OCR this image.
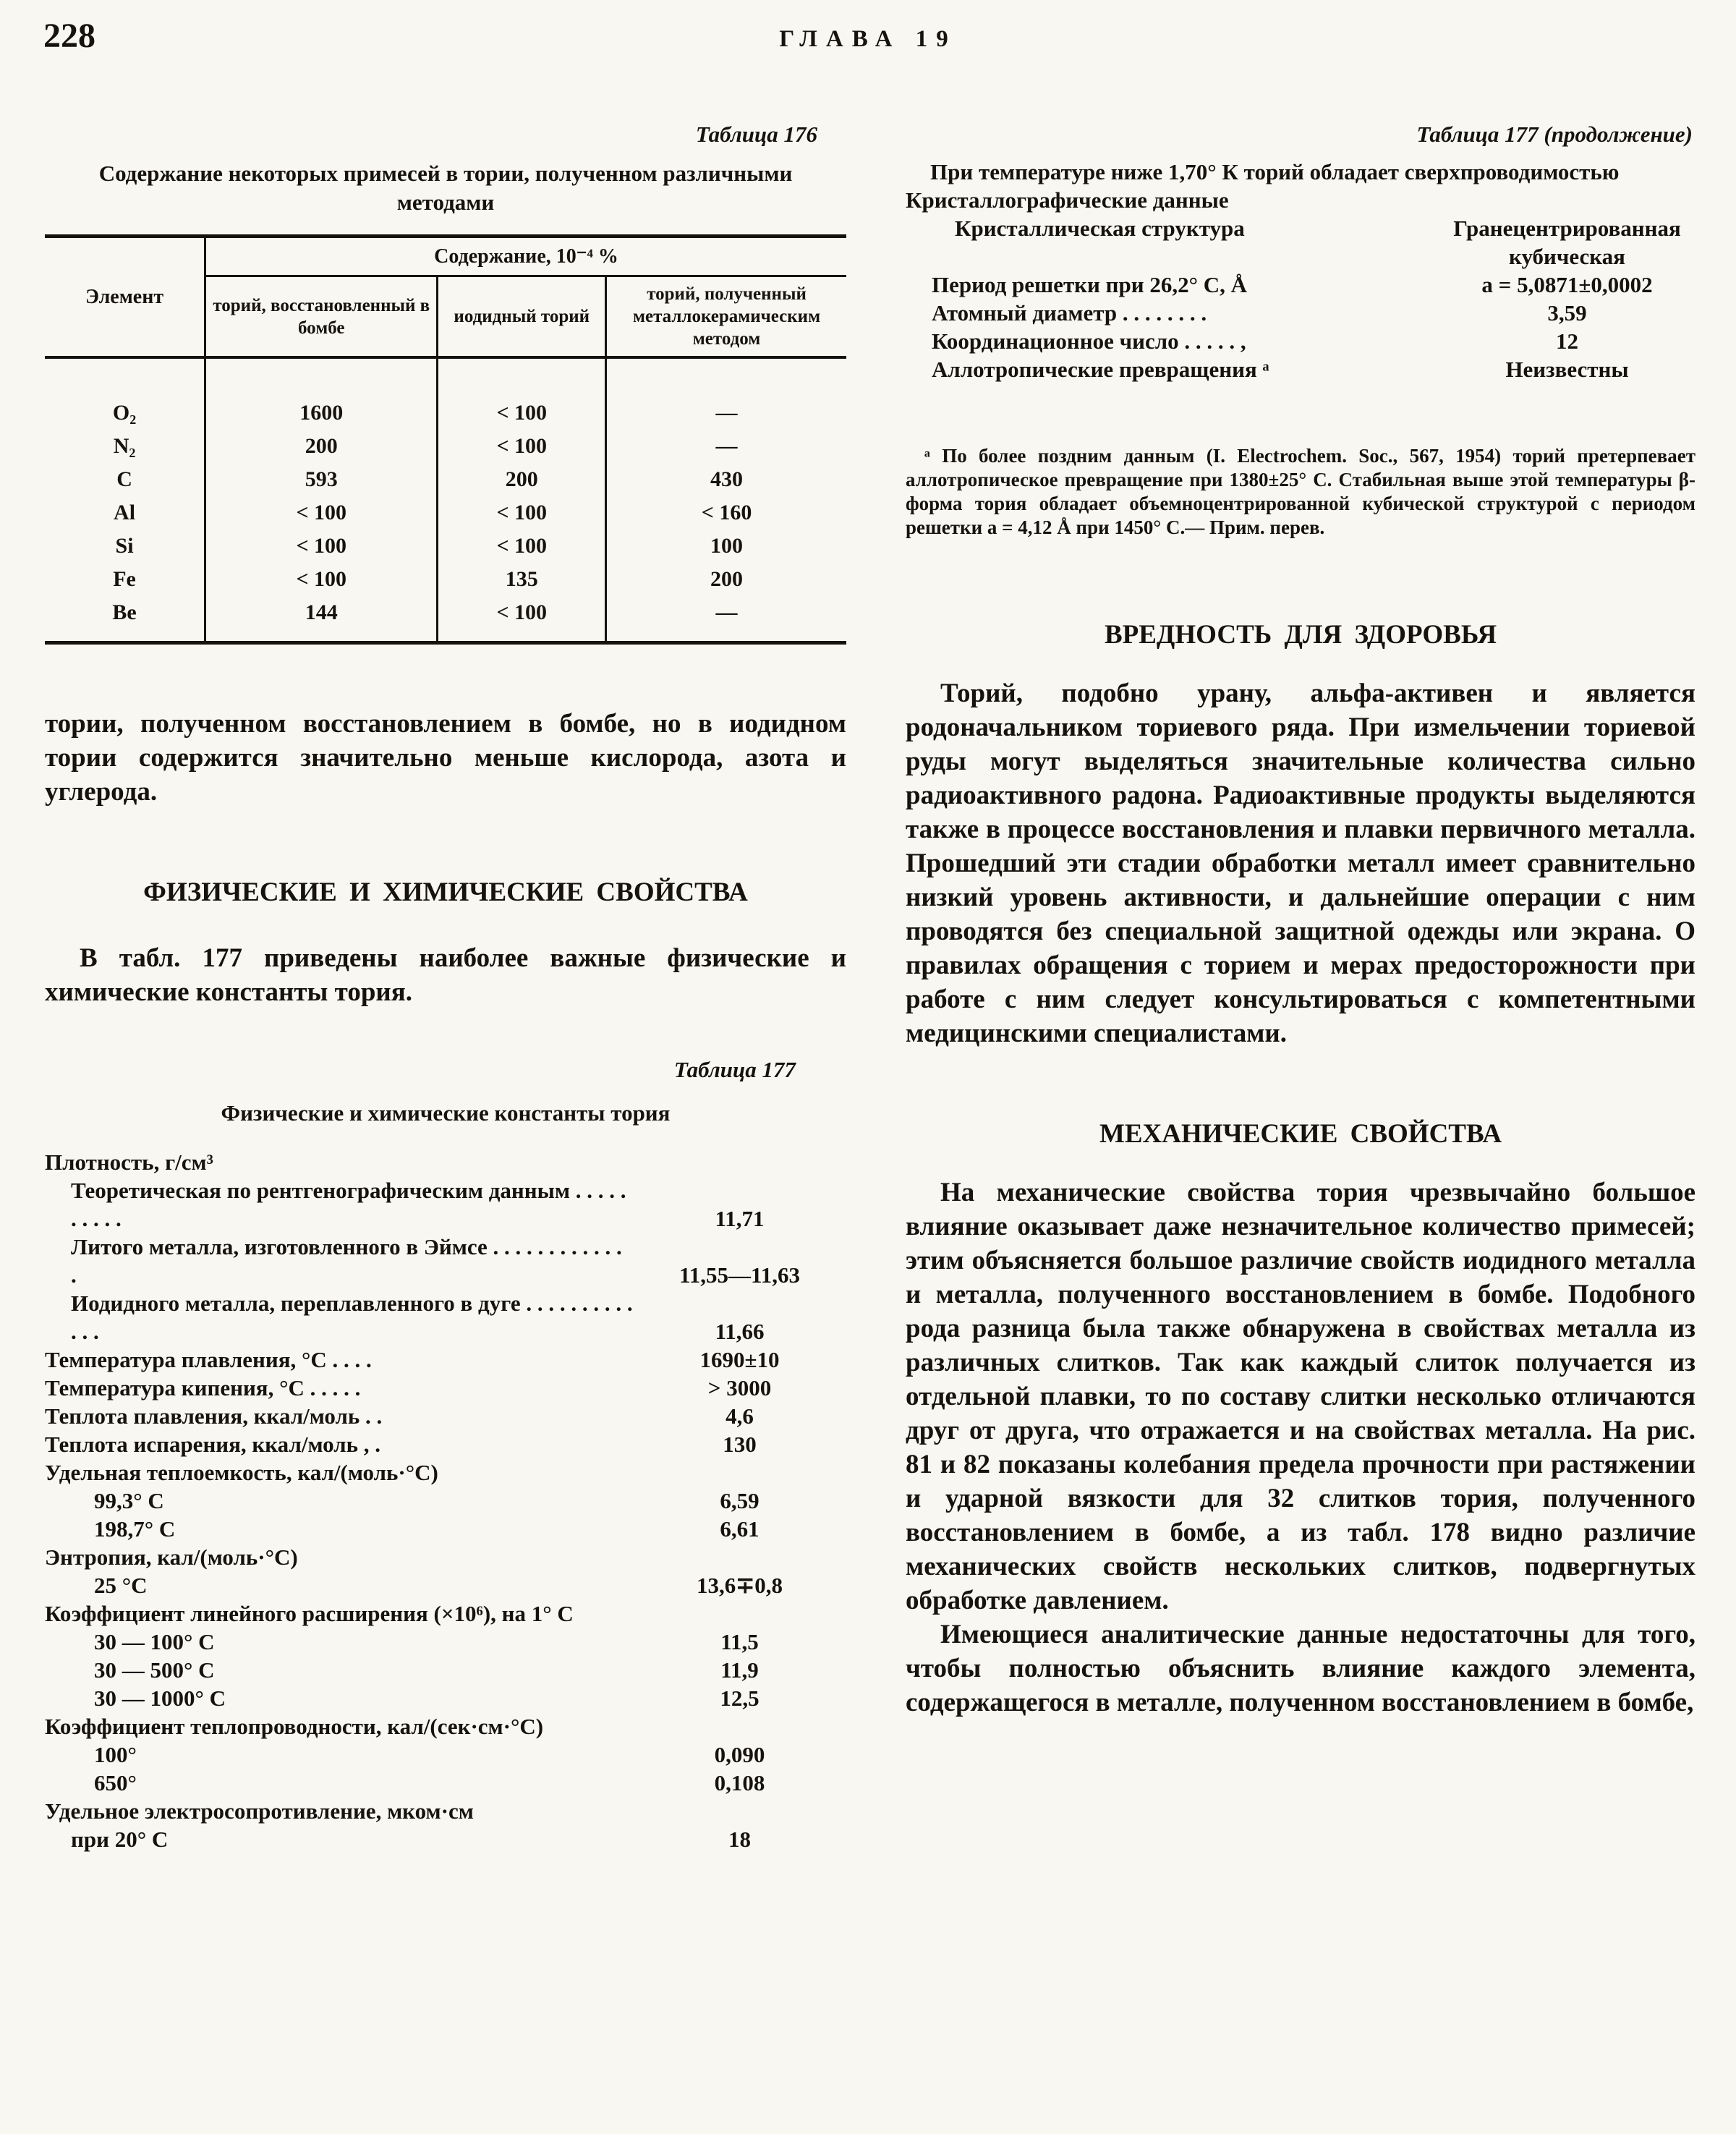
228	ГЛАВА 19
Таблица 176
Содержание некоторых примесей в тории, полученном различными методами
Элемент	Содержание, 10⁻⁴ %		
	торий, восстановленный в бомбе	иодидный торий	торий, полученный металлокерамическим методом
O₂	1600	< 100	—
N₂	200	< 100	—
C	593	200	430
Al	< 100	< 100	< 160
Si	< 100	< 100	100
Fe	< 100	135	200
Be	144	< 100	—

тории, полученном восстановлением в бомбе, но в иодидном тории содержится значительно меньше кислорода, азота и углерода.

ФИЗИЧЕСКИЕ И ХИМИЧЕСКИЕ СВОЙСТВА

В табл. 177 приведены наиболее важные физические и химические константы тория.

Таблица 177
Физические и химические константы тория
Плотность, г/см³
Теоретическая по рентгенографическим данным . . . . . . . . . .	11,71
Литого металла, изготовленного в Эймсе . . . . . . . . . . . . .	11,55—11,63
Иодидного металла, переплавленного в дуге . . . . . . . . . . . . .	11,66
Температура плавления, °С . . . .	1690±10
Температура кипения, °С . . . . .	> 3000
Теплота плавления, ккал/моль . .	4,6
Теплота испарения, ккал/моль , .	130
Удельная теплоемкость, кал/(моль·°С)
99,3° С	6,59
198,7° С	6,61
Энтропия, кал/(моль·°С)
25 °С	13,6∓0,8
Коэффициент линейного расширения (×10⁶), на 1° С
30 — 100° С	11,5
30 — 500° С	11,9
30 — 1000° С	12,5
Коэффициент теплопроводности, кал/(сек·см·°С)
100°	0,090
650°	0,108
Удельное электросопротивление, мком·см
при 20° С	18
Таблица 177 (продолжение)
При температуре ниже 1,70° К торий обладает сверхпроводимостью
Кристаллографические данные
Кристаллическая структура	Гранецентрированная кубическая
Период решетки при 26,2° С, Å	a = 5,0871±0,0002
Атомный диаметр . . . . . . . .	3,59
Координационное число . . . . . ,	12
Аллотропические превращения ᵃ	Неизвестны

ᵃ По более поздним данным (I. Electrochem. Soc., 567, 1954) торий претерпевает аллотропическое превращение при 1380±25° С. Стабильная выше этой температуры β-форма тория обладает объемноцентрированной кубической структурой с периодом решетки a = 4,12 Å при 1450° С.— Прим. перев.

ВРЕДНОСТЬ ДЛЯ ЗДОРОВЬЯ

Торий, подобно урану, альфа-активен и является родоначальником ториевого ряда. При измельчении ториевой руды могут выделяться значительные количества сильно радиоактивного радона. Радиоактивные продукты выделяются также в процессе восстановления и плавки первичного металла. Прошедший эти стадии обработки металл имеет сравнительно низкий уровень активности, и дальнейшие операции с ним проводятся без специальной защитной одежды или экрана. О правилах обращения с торием и мерах предосторожности при работе с ним следует консультироваться с компетентными медицинскими специалистами.

МЕХАНИЧЕСКИЕ СВОЙСТВА

На механические свойства тория чрезвычайно большое влияние оказывает даже незначительное количество примесей; этим объясняется большое различие свойств иодидного металла и металла, полученного восстановлением в бомбе. Подобного рода разница была также обнаружена в свойствах металла из различных слитков. Так как каждый слиток получается из отдельной плавки, то по составу слитки несколько отличаются друг от друга, что отражается и на свойствах металла. На рис. 81 и 82 показаны колебания предела прочности при растяжении и ударной вязкости для 32 слитков тория, полученного восстановлением в бомбе, а из табл. 178 видно различие механических свойств нескольких слитков, подвергнутых обработке давлением.

Имеющиеся аналитические данные недостаточны для того, чтобы полностью объяснить влияние каждого элемента, содержащегося в металле, полученном восстановлением в бомбе,
